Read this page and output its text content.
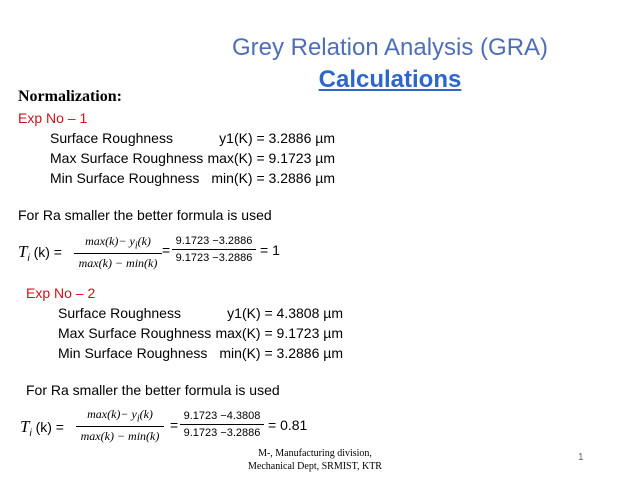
Grey Relation Analysis (GRA)
Calculations
Normalization:
Exp No – 1
Surface Roughness	y1(K) = 3.2886 µm
Max Surface Roughness max(K) = 9.1723 µm
Min Surface Roughness min(K) = 3.2886 µm
For Ra smaller the better formula is used
$T_i$ (k) =
$\max(k)- y_i(k)$
max(k) − min(k)
= $\frac{9.1723 -3.2886}{9.1723 -3.2886} = 1$
Exp No – 2
Surface Roughness	y1(K) = 4.3808 µm
Max Surface Roughness max(K) = 9.1723 µm
Min Surface Roughness min(K) = 3.2886 µm
For Ra smaller the better formula is used
$T_i$ (k) =
$\max(k)- y_i(k)$
max(k) − min(k)
= $\frac{9.1723 -4.3808}{9.1723 -3.2886} = 0.81$
M-, Manufacturing division,
Mechanical Dept, SRMIST, KTR
1
